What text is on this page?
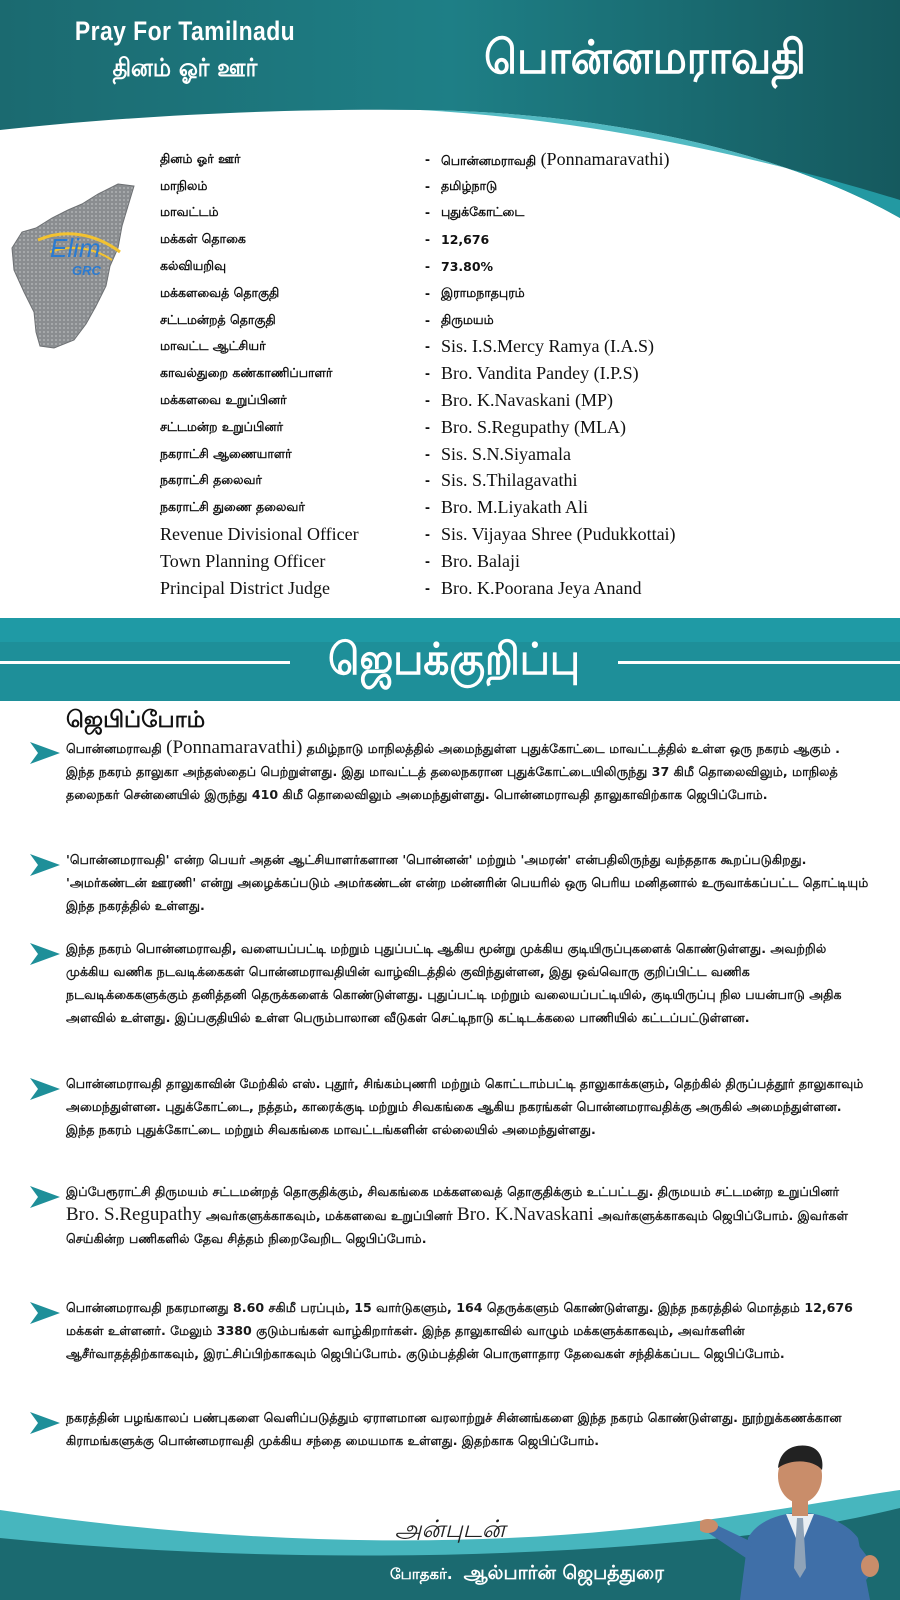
Pray For Tamilnadu
தினம் ஓர் ஊர்	பொன்னமராவதி
Elim
GRC
தினம் ஓர் ஊர்	- பொன்னமராவதி (Ponnamaravathi)
மாநிலம்	- தமிழ்நாடு
மாவட்டம்	- புதுக்கோட்டை
மக்கள் தொகை	- 12,676
கல்வியறிவு	- 73.80%
மக்களவைத் தொகுதி	- இராமநாதபுரம்
சட்டமன்றத் தொகுதி	- திருமயம்
மாவட்ட ஆட்சியர்	- Sis. I.S.Mercy Ramya (I.A.S)
காவல்துறை கண்காணிப்பாளர்	- Bro. Vandita Pandey (I.P.S)
மக்களவை உறுப்பினர்	- Bro. K.Navaskani (MP)
சட்டமன்ற உறுப்பினர்	- Bro. S.Regupathy (MLA)
நகராட்சி ஆணையாளர்	- Sis. S.N.Siyamala
நகராட்சி தலைவர்	- Sis. S.Thilagavathi
நகராட்சி துணை தலைவர்	- Bro. M.Liyakath Ali
Revenue Divisional Officer	- Sis. Vijayaa Shree (Pudukkottai)
Town Planning Officer	- Bro. Balaji
Principal District Judge	- Bro. K.Poorana Jeya Anand
ஜெபக்குறிப்பு
ஜெபிப்போம்
பொன்னமராவதி (Ponnamaravathi) தமிழ்நாடு மாநிலத்தில் அமைந்துள்ள புதுக்கோட்டை மாவட்டத்தில் உள்ள ஒரு நகரம் ஆகும் . இந்த நகரம் தாலுகா அந்தஸ்தைப் பெற்றுள்ளது. இது மாவட்டத் தலைநகரான புதுக்கோட்டையிலிருந்து 37 கிமீ தொலைவிலும், மாநிலத் தலைநகர் சென்னையில் இருந்து 410 கிமீ தொலைவிலும் அமைந்துள்ளது. பொன்னமராவதி தாலுகாவிற்காக ஜெபிப்போம்.
'பொன்னமராவதி' என்ற பெயர் அதன் ஆட்சியாளர்களான 'பொன்னன்' மற்றும் 'அமரன்' என்பதிலிருந்து வந்ததாக கூறப்படுகிறது. 'அமர்கண்டன் ஊரணி' என்று அழைக்கப்படும் அமர்கண்டன் என்ற மன்னரின் பெயரில் ஒரு பெரிய மனிதனால் உருவாக்கப்பட்ட தொட்டியும் இந்த நகரத்தில் உள்ளது.
இந்த நகரம் பொன்னமராவதி, வளையப்பட்டி மற்றும் புதுப்பட்டி ஆகிய மூன்று முக்கிய குடியிருப்புகளைக் கொண்டுள்ளது. அவற்றில் முக்கிய வணிக நடவடிக்கைகள் பொன்னமராவதியின் வாழ்விடத்தில் குவிந்துள்ளன, இது ஒவ்வொரு குறிப்பிட்ட வணிக நடவடிக்கைகளுக்கும் தனித்தனி தெருக்களைக் கொண்டுள்ளது. புதுப்பட்டி மற்றும் வலையப்பட்டியில், குடியிருப்பு நில பயன்பாடு அதிக அளவில் உள்ளது. இப்பகுதியில் உள்ள பெரும்பாலான வீடுகள் செட்டிநாடு கட்டிடக்கலை பாணியில் கட்டப்பட்டுள்ளன.
பொன்னமராவதி தாலுகாவின் மேற்கில் எஸ். புதூர், சிங்கம்புணரி மற்றும் கொட்டாம்பட்டி தாலுகாக்களும், தெற்கில் திருப்பத்தூர் தாலுகாவும் அமைந்துள்ளன. புதுக்கோட்டை, நத்தம், காரைக்குடி மற்றும் சிவகங்கை ஆகிய நகரங்கள் பொன்னமராவதிக்கு அருகில் அமைந்துள்ளன. இந்த நகரம் புதுக்கோட்டை மற்றும் சிவகங்கை மாவட்டங்களின் எல்லையில் அமைந்துள்ளது.
இப்பேரூராட்சி திருமயம் சட்டமன்றத் தொகுதிக்கும், சிவகங்கை மக்களவைத் தொகுதிக்கும் உட்பட்டது. திருமயம் சட்டமன்ற உறுப்பினர் Bro. S.Regupathy அவர்களுக்காகவும், மக்களவை உறுப்பினர் Bro. K.Navaskani அவர்களுக்காகவும் ஜெபிப்போம். இவர்கள் செய்கின்ற பணிகளில் தேவ சித்தம் நிறைவேறிட ஜெபிப்போம்.
பொன்னமராவதி நகரமானது 8.60 சகிமீ பரப்பும், 15 வார்டுகளும், 164 தெருக்களும் கொண்டுள்ளது. இந்த நகரத்தில் மொத்தம் 12,676 மக்கள் உள்ளனர். மேலும் 3380 குடும்பங்கள் வாழ்கிறார்கள். இந்த தாலுகாவில் வாழும் மக்களுக்காகவும், அவர்களின் ஆசீர்வாதத்திற்காகவும், இரட்சிப்பிற்காகவும் ஜெபிப்போம். குடும்பத்தின் பொருளாதார தேவைகள் சந்திக்கப்பட ஜெபிப்போம்.
நகரத்தின் பழங்காலப் பண்புகளை வெளிப்படுத்தும் ஏராளமான வரலாற்றுச் சின்னங்களை இந்த நகரம் கொண்டுள்ளது. நூற்றுக்கணக்கான கிராமங்களுக்கு பொன்னமராவதி முக்கிய சந்தை மையமாக உள்ளது. இதற்காக ஜெபிப்போம்.
அன்புடன்
போதகர். ஆல்பார்ன் ஜெபத்துரை
